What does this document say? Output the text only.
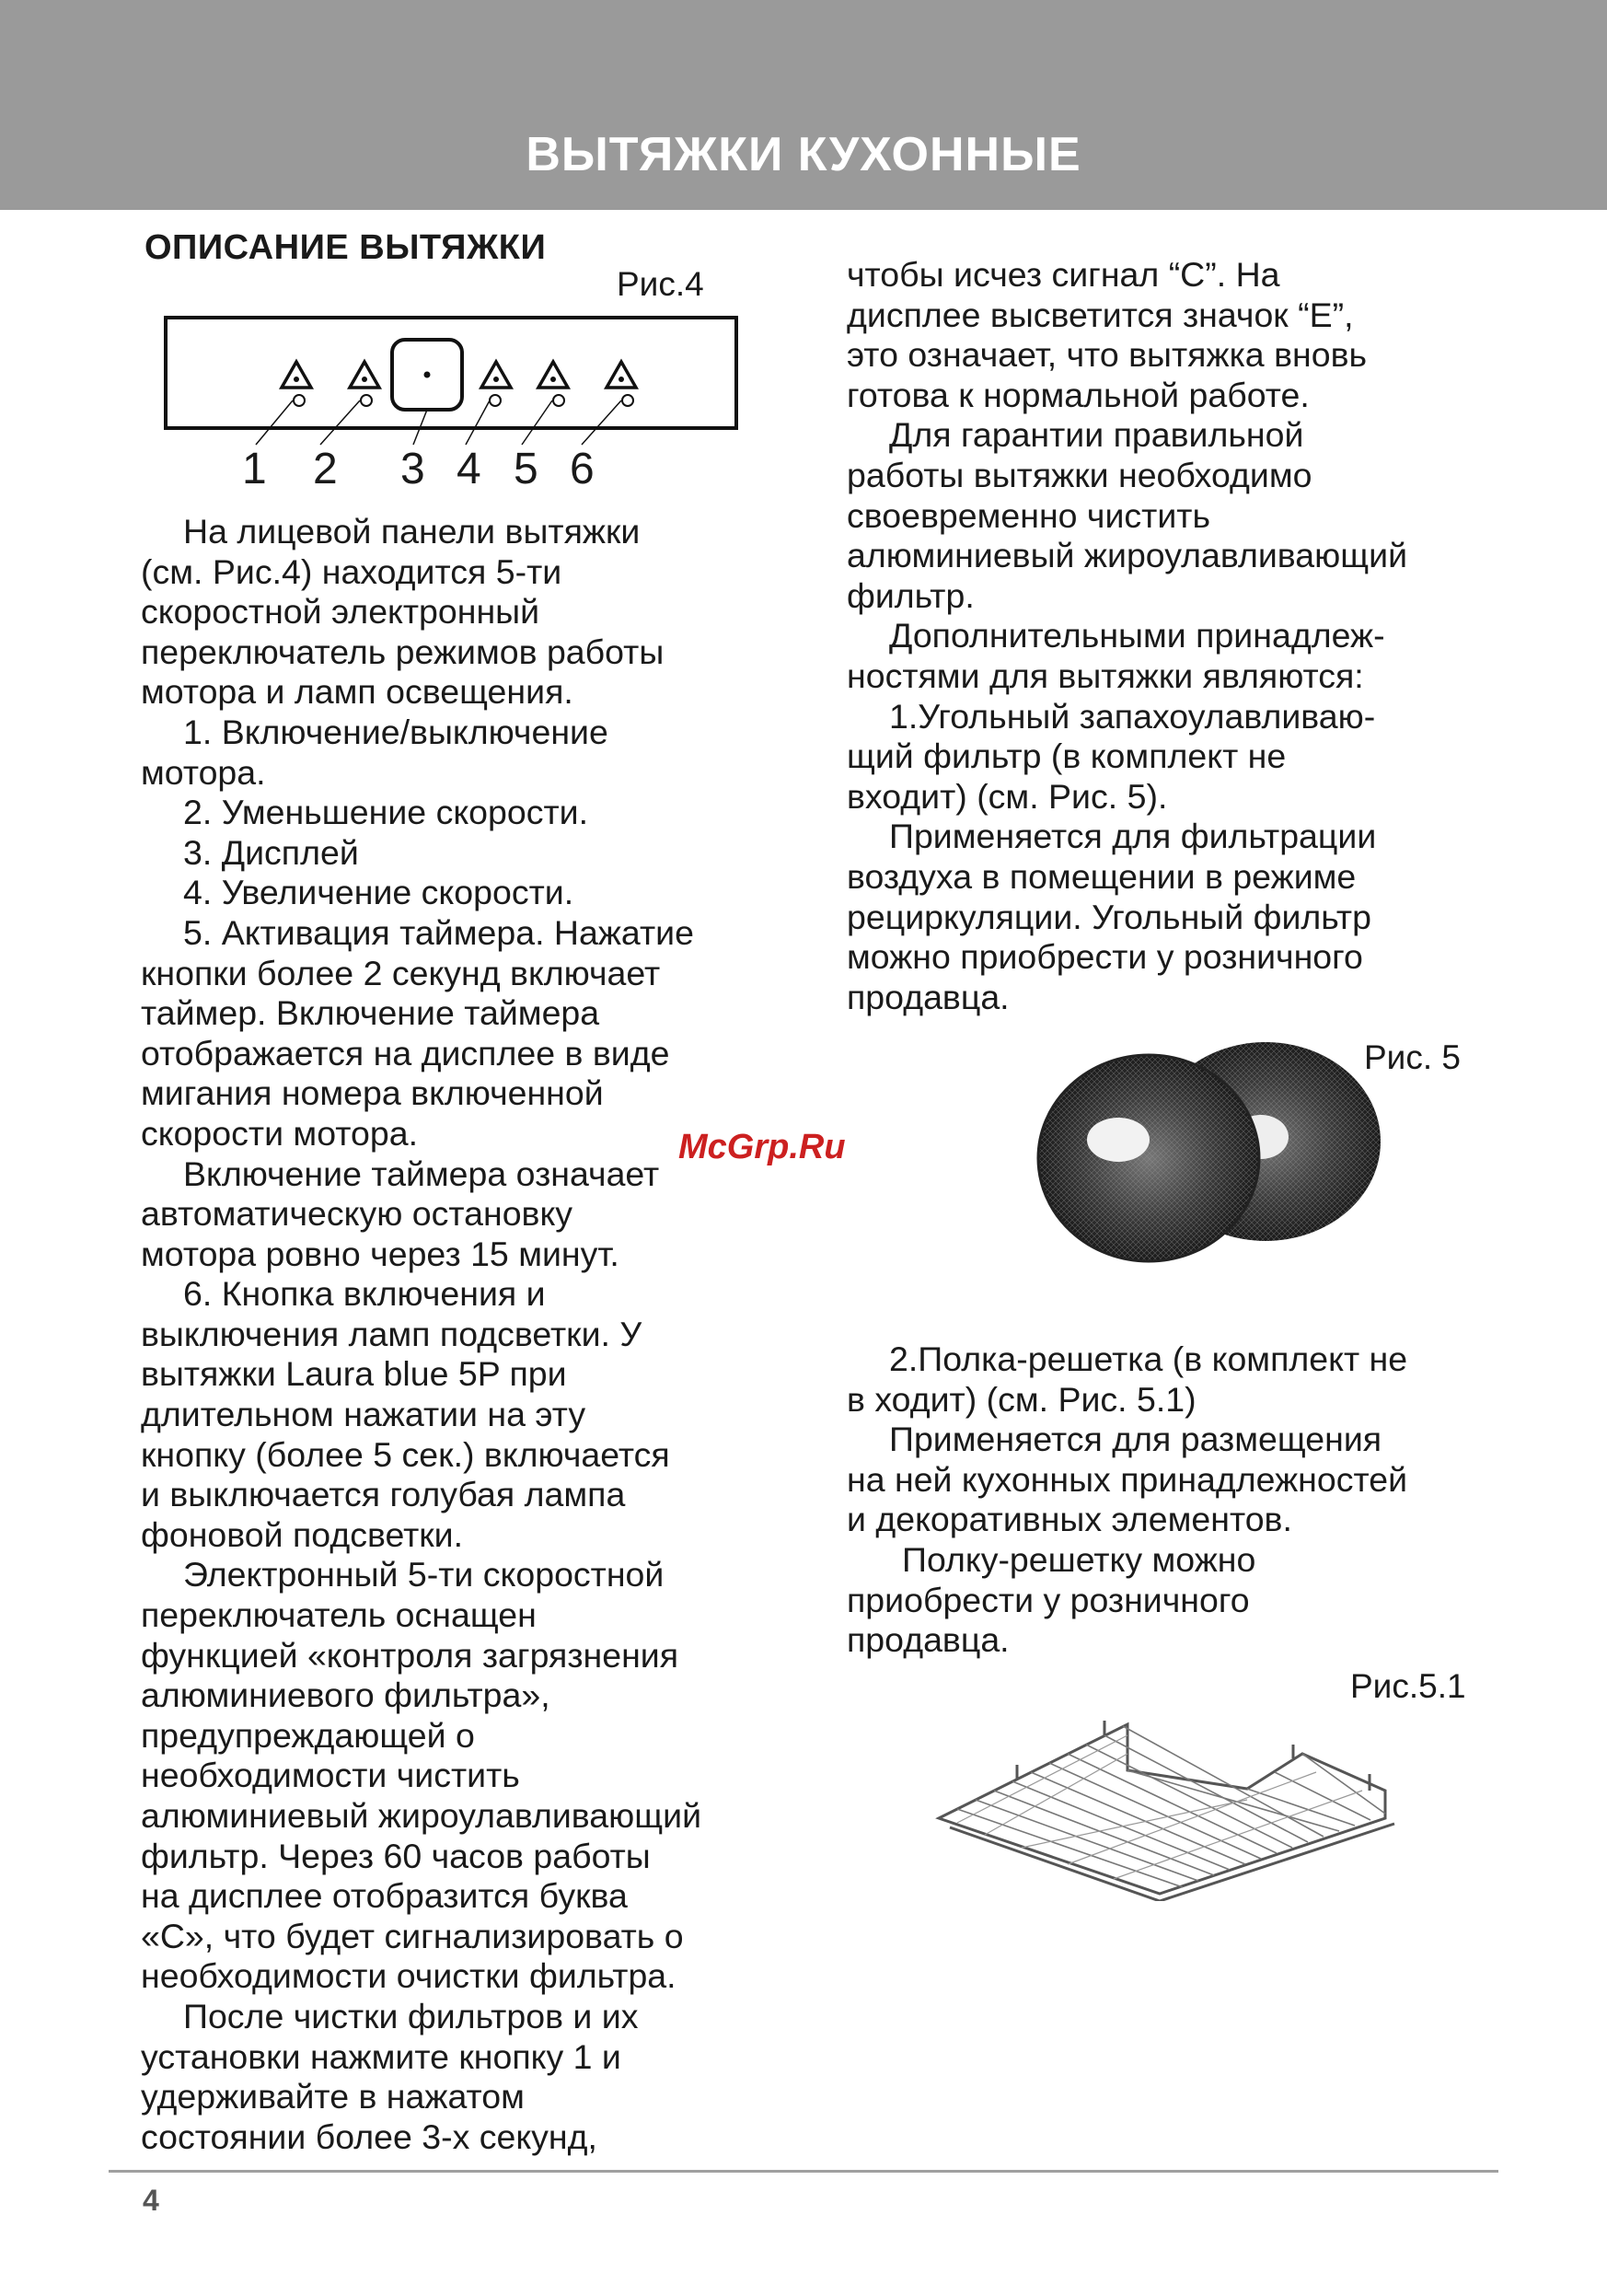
ВЫТЯЖКИ КУХОННЫЕ
ОПИСАНИЕ ВЫТЯЖКИ
Рис.4
1 2 3 4 5 6

На лицевой панели вытяжки

(см. Рис.4) находится 5-ти

скоростной электронный

переключатель режимов работы

мотора и ламп освещения.

1. Включение/выключение

мотора.

2. Уменьшение скорости.

3. Дисплей

4. Увеличение скорости.

5. Активация таймера. Нажатие

кнопки более 2 секунд включает

таймер. Включение таймера

отображается на дисплее в виде

мигания номера включенной

скорости мотора.

Включение таймера означает

автоматическую остановку

мотора ровно через 15 минут.

6. Кнопка включения и

выключения ламп подсветки. У

вытяжки Laura blue 5P при

длительном нажатии на эту

кнопку (более 5 сек.) включается

и выключается голубая лампа

фоновой подсветки.

Электронный 5-ти скоростной

переключатель оснащен

функцией «контроля загрязнения

алюминиевого фильтра»,

предупреждающей о

необходимости чистить

алюминиевый жироулавливающий

фильтр. Через 60 часов работы

на дисплее отобразится буква

«С», что будет сигнализировать о

необходимости очистки фильтра.

После чистки фильтров и их

установки нажмите кнопку 1 и

удерживайте в нажатом

состоянии более 3-х секунд,

чтобы исчез сигнал “С”. На

дисплее высветится значок “Е”,

это означает, что вытяжка вновь

готова к нормальной работе.

Для гарантии правильной

работы вытяжки необходимо

своевременно чистить

алюминиевый жироулавливающий

фильтр.

Дополнительными принадлеж-

ностями для вытяжки являются:

1.Угольный запахоулавливаю-

щий фильтр (в комплект не

входит) (см. Рис. 5).

Применяется для фильтрации

воздуха в помещении в режиме

рециркуляции. Угольный фильтр

можно приобрести у розничного

продавца.

Рис. 5
McGrp.Ru

2.Полка-решетка (в комплект не

в ходит) (см. Рис. 5.1)

Применяется для размещения

на ней кухонных принадлежностей

и декоративных элементов.

Полку-решетку можно

приобрести у розничного

продавца.

Рис.5.1
4
